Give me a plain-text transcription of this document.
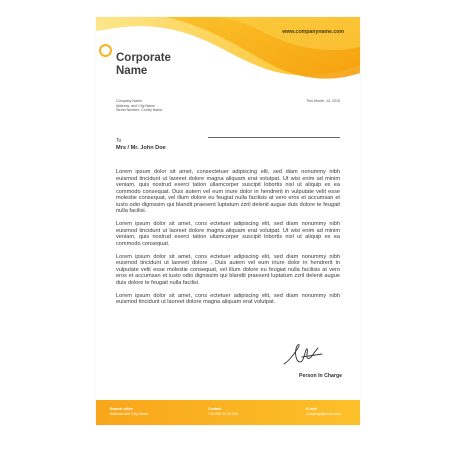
www.companyname.com
Corporate
Name
Company Name
Address, and City Name
Street Number, Contry Name
This Month, 14, 2019
To
Mrs / Mr. John Doe

Lorem ipsum dolor sit amet, consectetuer adipiscing elit, sed diam nonummy nibh euismod tincidunt ut laoreet dolore magna aliquam erat volutpat. Ut wisi enim ad minim veniam, quis nostrud exerci tation ullamcorper suscipit lobortis nisl ut aliquip ex ea commodo consequat. Duis autem vel eum iriure dolor in hendrerit in vulputate velit esse molestie consequat, vel illum dolore eu feugiat nulla facilisis at vero eros et accumsan et iusto odio dignissim qui blandit praesent luptatum zzril delenit augue duis dolore te feugait nulla facilisi.

Lorem ipsum dolor sit amet, cons ectetuer adipiscing elit, sed diam nonummy nibh euismod tincidunt ut laoreet dolore magna aliquam erat volutpat. Ut wisi enim ad minim veniam, quis nostrud exerci tation ullamcorper suscipit lobortis nisl ut aliquip ex ea commodo consequat.

Lorem ipsum dolor sit amet, cons ectetuer adipiscing elit, sed diam nonummy nibh euismod tincidunt ut laoreet dolore . Duis autem vel eum iriure dolor in hendrerit in vulputate velit esse molestie consequat, vel illum dolore eu feugiat nulla facilisis at vero eros et accumsan et iusto odio dignissim qui blandit praesent luptatum zzril delenit augue duis dolore te feugait nulla facilisi.

Lorem ipsum dolor sit amet, cons ectetuer adipiscing elit, sed diam nonummy nibh euismod tincidunt ut laoreet dolore magna aliquam erat volutpat.

Person In Charge
Branch office
Address and City Name
Contact
+12 000 00 00 000
E-mail
company@email.com
